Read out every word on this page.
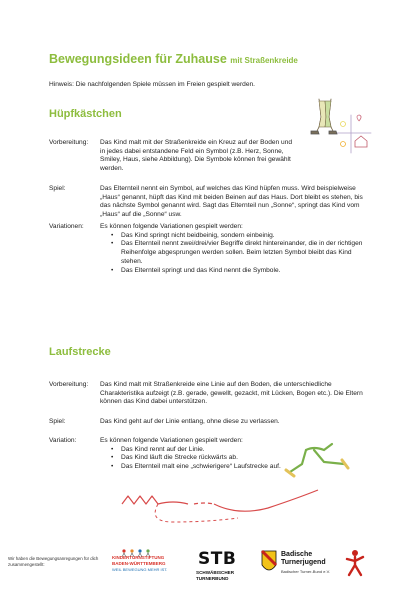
Bewegungsideen für Zuhause mit Straßenkreide
Hinweis: Die nachfolgenden Spiele müssen im Freien gespielt werden.
Hüpfkästchen
Vorbereitung: Das Kind malt mit der Straßenkreide ein Kreuz auf der Boden und in jedes dabei entstandene Feld ein Symbol (z.B. Herz, Sonne, Smiley, Haus, siehe Abbildung). Die Symbole können frei gewählt werden.
Spiel:	Das Elternteil nennt ein Symbol, auf welches das Kind hüpfen muss. Wird beispielweise „Haus“ genannt, hüpft das Kind mit beiden Beinen auf das Haus. Dort bleibt es stehen, bis das nächste Symbol genannt wird. Sagt das Elternteil nun „Sonne“, springt das Kind vom „Haus“ auf die „Sonne“ usw.
Variationen: Es können folgende Variationen gespielt werden:
• Das Kind springt nicht beidbeinig, sondern einbeinig.
• Das Elternteil nennt zwei/drei/vier Begriffe direkt hintereinander, die in der richtigen Reihenfolge abgesprungen werden sollen. Beim letzten Symbol bleibt das Kind stehen.
• Das Elternteil springt und das Kind nennt die Symbole.
Laufstrecke
Vorbereitung: Das Kind malt mit Straßenkreide eine Linie auf den Boden, die unterschiedliche Charakteristika aufzeigt (z.B. gerade, gewellt, gezackt, mit Lücken, Bogen etc.). Die Eltern können das Kind dabei unterstützen.
Spiel:	Das Kind geht auf der Linie entlang, ohne diese zu verlassen.
Variation:	Es können folgende Variationen gespielt werden:
• Das Kind rennt auf der Linie.
• Das Kind läuft die Strecke rückwärts ab.
• Das Elternteil malt eine „schwierigere“ Laufstrecke auf.
Wir haben die Bewegungsanregungen für dich zusammengestellt:
KINDERTURNSTIFTUNG
BADEN-WÜRTTEMBERG
WEIL BEWEGUNG MEHR IST.
STB
SCHWÄBISCHER
TURNERBUND
Badische
Turnerjugend
Badischer Turner-Bund e.V.
